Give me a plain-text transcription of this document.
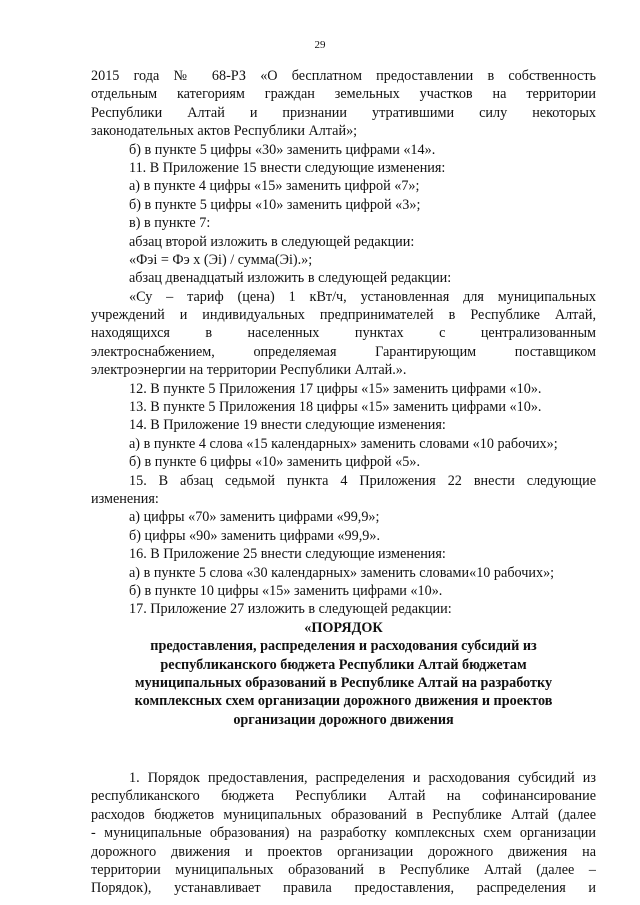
29
2015 года № 68-РЗ «О бесплатном предоставлении в собственность
отдельным категориям граждан земельных участков на территории
Республики Алтай и признании утратившими силу некоторых
законодательных актов Республики Алтай»;
б) в пункте 5 цифры «30» заменить цифрами «14».
11. В Приложение 15 внести следующие изменения:
а) в пункте 4 цифры «15» заменить цифрой «7»;
б) в пункте 5 цифры «10» заменить цифрой «3»;
в) в пункте 7:
абзац второй изложить в следующей редакции:
«Фэi = Фэ x (Эi) / сумма(Эi).»;
абзац двенадцатый изложить в следующей редакции:
«Су – тариф (цена) 1 кВт/ч, установленная для муниципальных
учреждений и индивидуальных предпринимателей в Республике Алтай,
находящихся в населенных пунктах с централизованным
электроснабжением, определяемая Гарантирующим поставщиком
электроэнергии на территории Республики Алтай.».
12. В пункте 5 Приложения 17 цифры «15» заменить цифрами «10».
13. В пункте 5 Приложения 18 цифры «15» заменить цифрами «10».
14. В Приложение 19 внести следующие изменения:
а) в пункте 4 слова «15 календарных» заменить словами «10 рабочих»;
б) в пункте 6 цифры «10» заменить цифрой «5».
15. В абзац седьмой пункта 4 Приложения 22 внести следующие
изменения:
а) цифры «70» заменить цифрами «99,9»;
б) цифры «90» заменить цифрами «99,9».
16. В Приложение 25 внести следующие изменения:
а) в пункте 5 слова «30 календарных» заменить словами«10 рабочих»;
б) в пункте 10 цифры «15» заменить цифрами «10».
17. Приложение 27 изложить в следующей редакции:
«ПОРЯДОК
предоставления, распределения и расходования субсидий из
республиканского бюджета Республики Алтай бюджетам
муниципальных образований в Республике Алтай на разработку
комплексных схем организации дорожного движения и проектов
организации дорожного движения
1. Порядок предоставления, распределения и расходования субсидий из
республиканского бюджета Республики Алтай на софинансирование
расходов бюджетов муниципальных образований в Республике Алтай (далее
- муниципальные образования) на разработку комплексных схем организации
дорожного движения и проектов организации дорожного движения на
территории муниципальных образований в Республике Алтай (далее –
Порядок), устанавливает правила предоставления, распределения и
